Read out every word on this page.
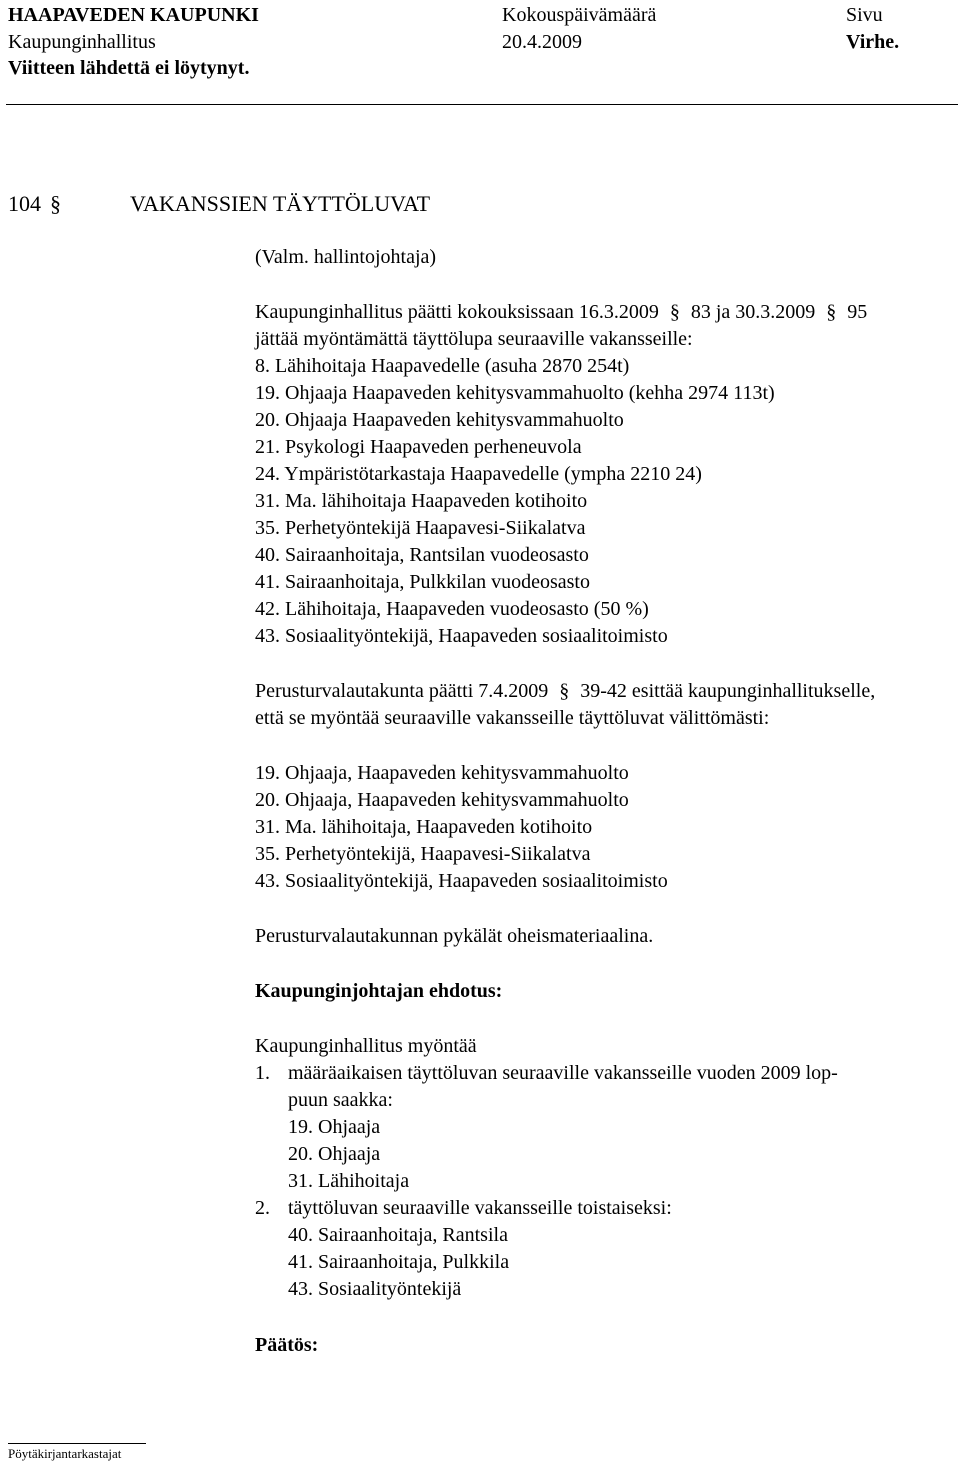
HAAPAVEDEN KAUPUNKI	Kokouspäivämäärä	Sivu
Kaupunginhallitus	20.4.2009	Virhe.
Viitteen lähdettä ei löytynyt.
104 §	VAKANSSIEN TÄYTTÖLUVAT
(Valm. hallintojohtaja)
Kaupunginhallitus päätti kokouksissaan 16.3.2009 § 83 ja 30.3.2009 § 95
jättää myöntämättä täyttölupa seuraaville vakansseille:
8. Lähihoitaja Haapavedelle (asuha 2870 254t)
19. Ohjaaja Haapaveden kehitysvammahuolto (kehha 2974 113t)
20. Ohjaaja Haapaveden kehitysvammahuolto
21. Psykologi Haapaveden perheneuvola
24. Ympäristötarkastaja Haapavedelle (ympha 2210 24)
31. Ma. lähihoitaja Haapaveden kotihoito
35. Perhetyöntekijä Haapavesi-Siikalatva
40. Sairaanhoitaja, Rantsilan vuodeosasto
41. Sairaanhoitaja, Pulkkilan vuodeosasto
42. Lähihoitaja, Haapaveden vuodeosasto (50 %)
43. Sosiaalityöntekijä, Haapaveden sosiaalitoimisto
Perusturvalautakunta päätti 7.4.2009 § 39-42 esittää kaupunginhallitukselle,
että se myöntää seuraaville vakansseille täyttöluvat välittömästi:
19. Ohjaaja, Haapaveden kehitysvammahuolto
20. Ohjaaja, Haapaveden kehitysvammahuolto
31. Ma. lähihoitaja, Haapaveden kotihoito
35. Perhetyöntekijä, Haapavesi-Siikalatva
43. Sosiaalityöntekijä, Haapaveden sosiaalitoimisto
Perusturvalautakunnan pykälät oheismateriaalina.
Kaupunginjohtajan ehdotus:
Kaupunginhallitus myöntää
1. määräaikaisen täyttöluvan seuraaville vakansseille vuoden 2009 lop-
puun saakka:
19. Ohjaaja
20. Ohjaaja
31. Lähihoitaja
2. täyttöluvan seuraaville vakansseille toistaiseksi:
40. Sairaanhoitaja, Rantsila
41. Sairaanhoitaja, Pulkkila
43. Sosiaalityöntekijä
Päätös:
Pöytäkirjantarkastajat
